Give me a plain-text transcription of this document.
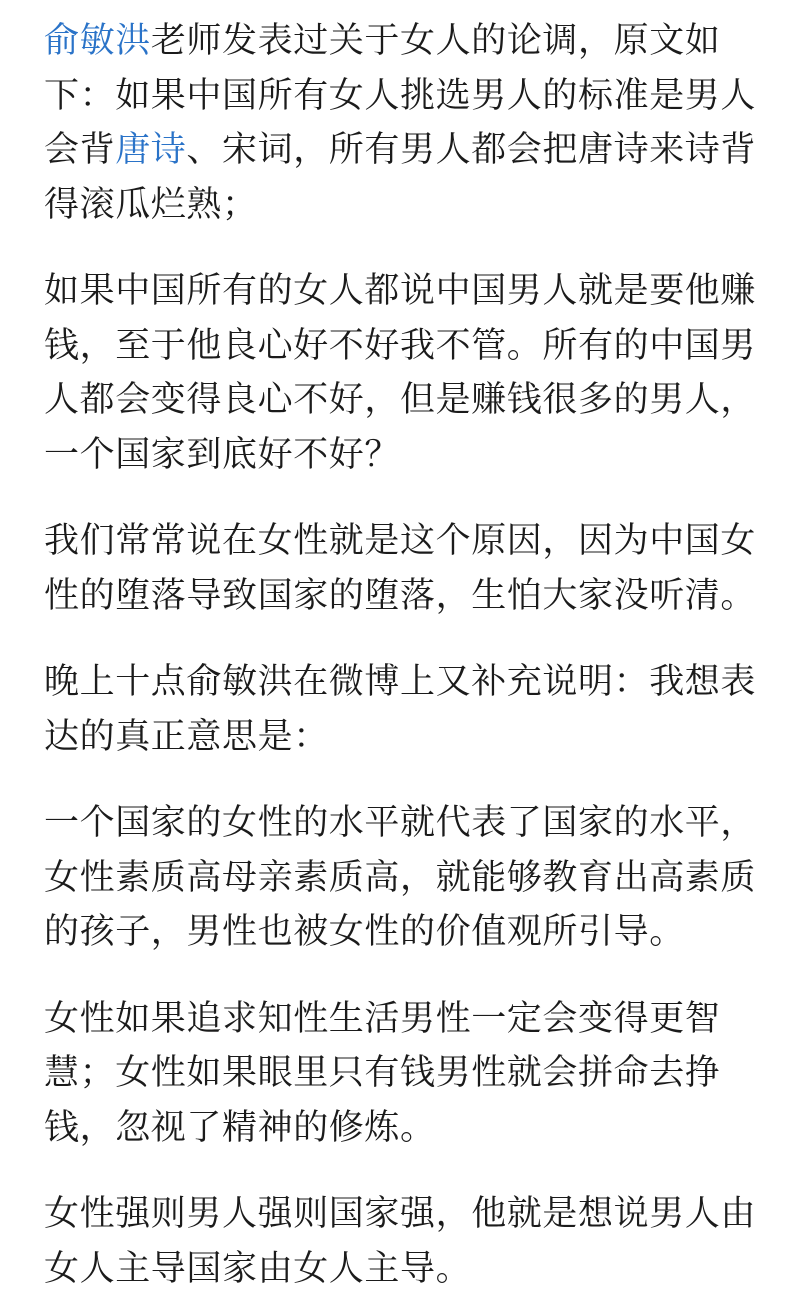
俞敏洪老师发表过关于女人的论调，原文如下：如果中国所有女人挑选男人的标准是男人会背唐诗、宋词，所有男人都会把唐诗来诗背得滚瓜烂熟；

如果中国所有的女人都说中国男人就是要他赚钱，至于他良心好不好我不管。所有的中国男人都会变得良心不好，但是赚钱很多的男人，一个国家到底好不好？

我们常常说在女性就是这个原因，因为中国女性的堕落导致国家的堕落，生怕大家没听清。

晚上十点俞敏洪在微博上又补充说明：我想表达的真正意思是：

一个国家的女性的水平就代表了国家的水平，女性素质高母亲素质高，就能够教育出高素质的孩子，男性也被女性的价值观所引导。

女性如果追求知性生活男性一定会变得更智慧；女性如果眼里只有钱男性就会拼命去挣钱，忽视了精神的修炼。

女性强则男人强则国家强，他就是想说男人由女人主导国家由女人主导。
